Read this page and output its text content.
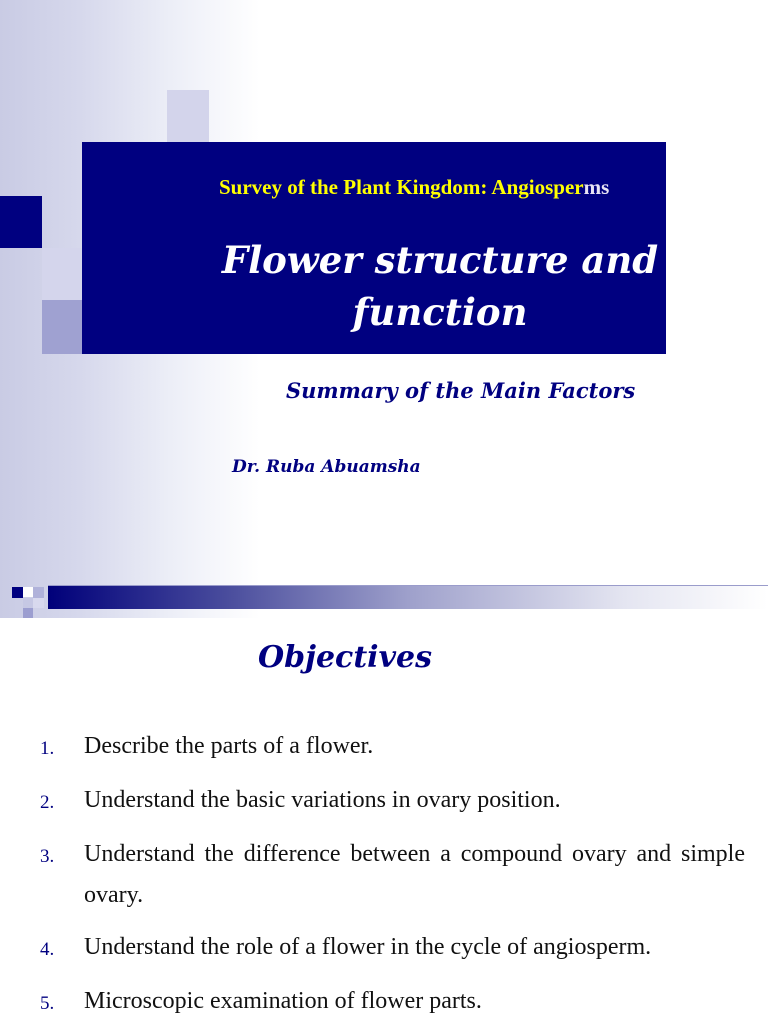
Survey of the Plant Kingdom: Angiosperms
Flower structure and function
Summary of the Main Factors
Dr. Ruba Abuamsha
Objectives
1.	Describe the parts of a flower.
2.	Understand the basic variations in ovary position.
3.	Understand the difference between a compound ovary and simple ovary.
4.	Understand the role of a flower in the cycle of angiosperm.
5.	Microscopic examination of flower parts.
